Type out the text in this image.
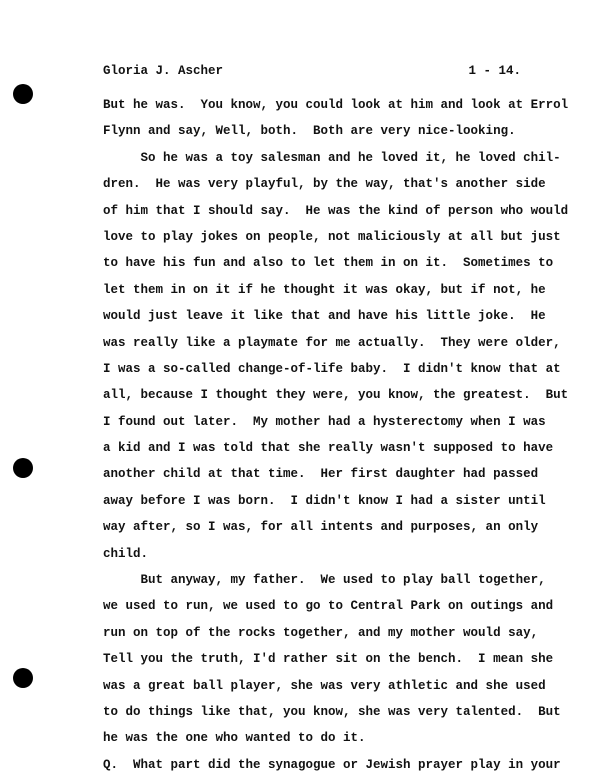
Gloria J. Ascher	1 - 14.
But he was.  You know, you could look at him and look at Errol
Flynn and say, Well, both.  Both are very nice-looking.
So he was a toy salesman and he loved it, he loved chil-
dren.  He was very playful, by the way, that's another side
of him that I should say.  He was the kind of person who would
love to play jokes on people, not maliciously at all but just
to have his fun and also to let them in on it.  Sometimes to
let them in on it if he thought it was okay, but if not, he
would just leave it like that and have his little joke.  He
was really like a playmate for me actually.  They were older,
I was a so-called change-of-life baby.  I didn't know that at
all, because I thought they were, you know, the greatest.  But
I found out later.  My mother had a hysterectomy when I was
a kid and I was told that she really wasn't supposed to have
another child at that time.  Her first daughter had passed
away before I was born.  I didn't know I had a sister until
way after, so I was, for all intents and purposes, an only
child.
But anyway, my father.  We used to play ball together,
we used to run, we used to go to Central Park on outings and
run on top of the rocks together, and my mother would say,
Tell you the truth, I'd rather sit on the bench.  I mean she
was a great ball player, she was very athletic and she used
to do things like that, you know, she was very talented.  But
he was the one who wanted to do it.
Q.  What part did the synagogue or Jewish prayer play in your
